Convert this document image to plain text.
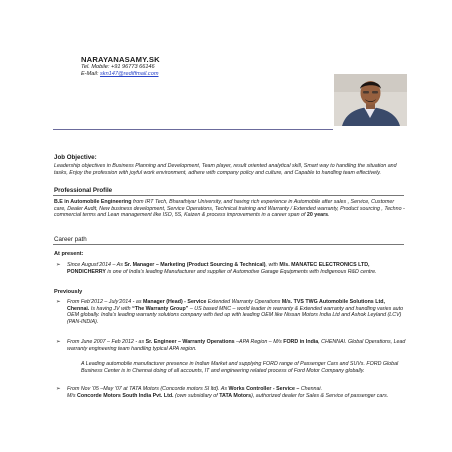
NARAYANASAMY.SK
Tel. Mobile: +91 96773 66146
E-Mail: skn147@rediffmail.com
Job Objective:
Leadership objectives in Business Planning and Development, Team player, result oriented analytical skill, Smart way to handling the situation and tasks, Enjoy the profession with joyful work environment, adhere with company policy and culture, and Capable to handling team effectively.
Professional Profile
B.E in Automobile Engineering from IRT Tech, Bharathiyar University, and having rich experience in Automobile after sales , Service, Customer care, Dealer Audit, New business development, Service Operations, Technical training and Warranty / Extended warranty, Product sourcing , Techno -commercial terms and Lean management like ISO, 5S, Kaizen & process improvements in a career span of 20 years.
Career path
At present:
➢ Since August’2014 – As Sr. Manager – Marketing (Product Sourcing & Technical), with M/s. MANATEC ELECTRONICS LTD, PONDICHERRY is one of India’s leading Manufacturer and supplier of Automotive Garage Equipments with Indigenous R&D centre.
Previously
➢ From Feb’2012 – July’2014 - as Manager (Head) - Service Extended Warranty Operations M/s. TVS TWG Automobile Solutions Ltd, Chennai. Is having JV with “The Warranty Group” – US based MNC – world leader in warranty & Extended warranty and handling varies auto OEM globally. India’s leading warranty solutions company with tied up with leading OEM like Nissan Motors India Ltd and Ashok Leyland (LCV)(PAN-INDIA).
➢ From June 2007 – Feb 2012 - as Sr. Engineer – Warranty Operations –APA Region – M/s FORD in India, CHENNAI. Global Operations, Lead warranty engineering team handling typical APA region.
A Leading automobile manufacturer presence in Indian Market and supplying FORD range of Passenger Cars and SUVs. FORD Global Business Center is in Chennai doing of all accounts, IT and engineering related process of Ford Motor Company globally.
➢ From Nov ‘05 –May ’07 at TATA Motors (Concorde motors SI ltd). As Works Controller - Service – Chennai.
M/s Concorde Motors South India Pvt. Ltd. (own subsidiary of TATA Motors), authorized dealer for Sales & Service of passenger cars.
